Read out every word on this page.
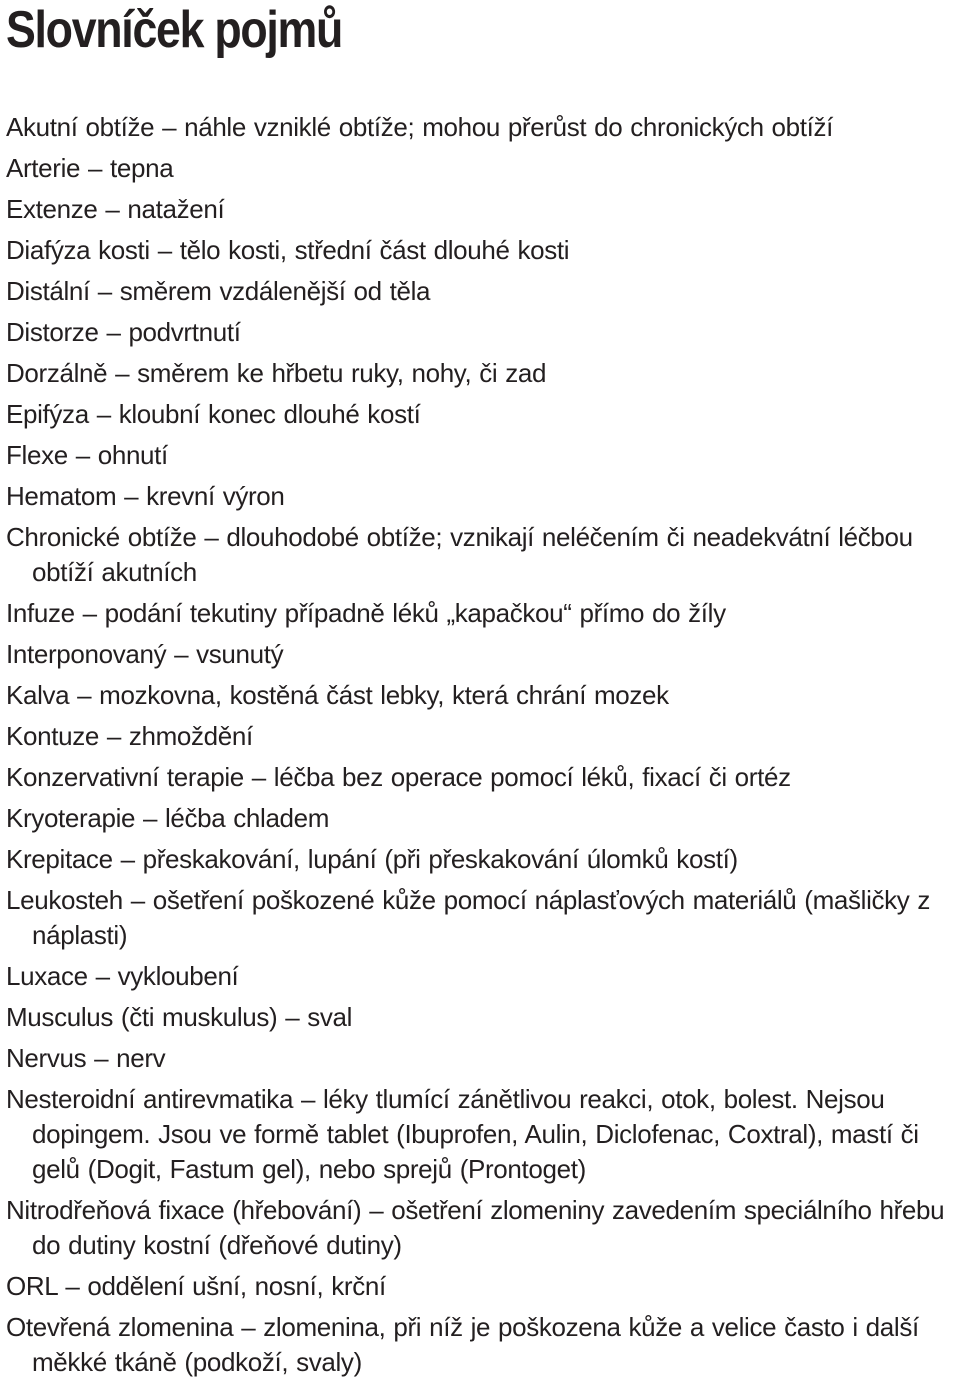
Slovníček pojmů
Akutní obtíže – náhle vzniklé obtíže; mohou přerůst do chronických obtíží
Arterie – tepna
Extenze – natažení
Diafýza kosti – tělo kosti, střední část dlouhé kosti
Distální – směrem vzdálenější od těla
Distorze – podvrtnutí
Dorzálně – směrem ke hřbetu ruky, nohy, či zad
Epifýza – kloubní konec dlouhé kostí
Flexe – ohnutí
Hematom – krevní výron
Chronické obtíže – dlouhodobé obtíže; vznikají neléčením či neadekvátní léčbou obtíží akutních
Infuze – podání tekutiny případně léků „kapačkou“ přímo do žíly
Interponovaný – vsunutý
Kalva – mozkovna, kostěná část lebky, která chrání mozek
Kontuze – zhmoždění
Konzervativní terapie – léčba bez operace pomocí léků, fixací či ortéz
Kryoterapie – léčba chladem
Krepitace – přeskakování, lupání (při přeskakování úlomků kostí)
Leukosteh – ošetření poškozené kůže pomocí náplasťových materiálů (mašličky z náplasti)
Luxace – vykloubení
Musculus (čti muskulus) – sval
Nervus – nerv
Nesteroidní antirevmatika – léky tlumící zánětlivou reakci, otok, bolest. Nejsou dopingem. Jsou ve formě tablet (Ibuprofen, Aulin, Diclofenac, Coxtral), mastí či gelů (Dogit, Fastum gel), nebo sprejů (Prontoget)
Nitrodřeňová fixace (hřebování) – ošetření zlomeniny zavedením speciálního hřebu do dutiny kostní (dřeňové dutiny)
ORL – oddělení ušní, nosní, krční
Otevřená zlomenina – zlomenina, při níž je poškozena kůže a velice často i další měkké tkáně (podkoží, svaly)
